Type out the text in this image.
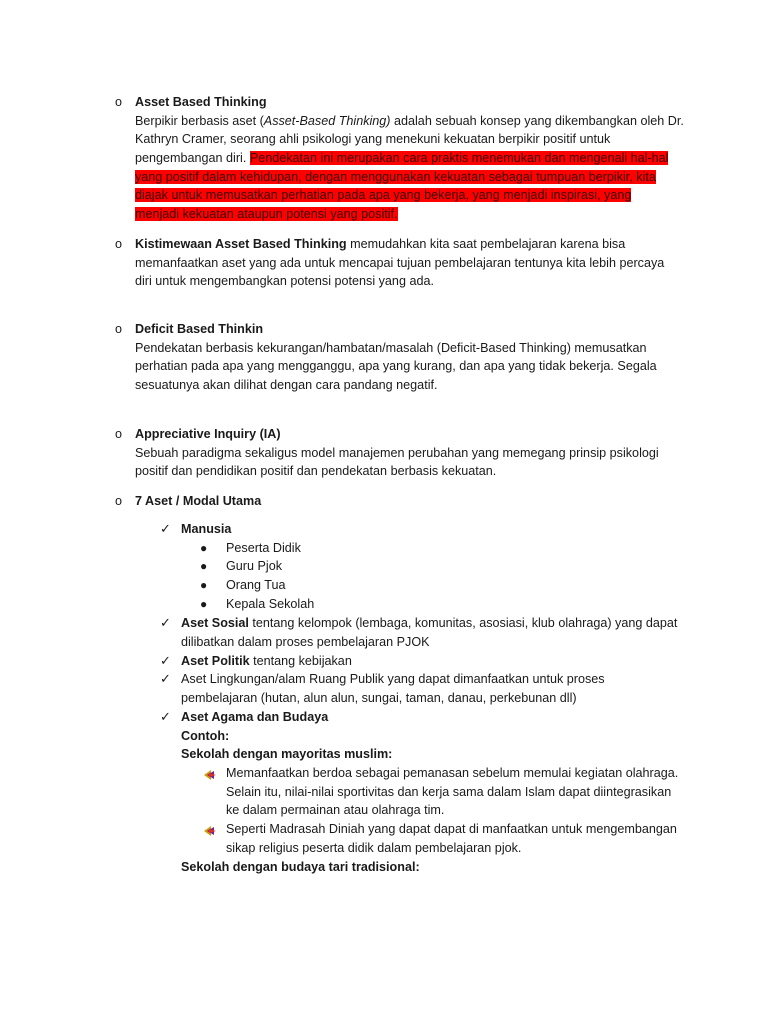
o	Asset Based Thinking
Berpikir berbasis aset (Asset-Based Thinking) adalah sebuah konsep yang dikembangkan oleh Dr.
Kathryn Cramer, seorang ahli psikologi yang menekuni kekuatan berpikir positif untuk
pengembangan diri. Pendekatan ini merupakan cara praktis menemukan dan mengenali hal-hal
yang positif dalam kehidupan, dengan menggunakan kekuatan sebagai tumpuan berpikir, kita
diajak untuk memusatkan perhatian pada apa yang bekerja, yang menjadi inspirasi, yang
menjadi kekuatan ataupun potensi yang positif.
o	Kistimewaan Asset Based Thinking memudahkan kita saat pembelajaran karena bisa
memanfaatkan aset yang ada untuk mencapai tujuan pembelajaran tentunya kita lebih percaya
diri untuk mengembangkan potensi potensi yang ada.
o	Deficit Based Thinkin
Pendekatan berbasis kekurangan/hambatan/masalah (Deficit-Based Thinking) memusatkan
perhatian pada apa yang mengganggu, apa yang kurang, dan apa yang tidak bekerja. Segala
sesuatunya akan dilihat dengan cara pandang negatif.
o	Appreciative Inquiry (IA)
Sebuah paradigma sekaligus model manajemen perubahan yang memegang prinsip psikologi
positif dan pendidikan positif dan pendekatan berbasis kekuatan.
o	7 Aset / Modal Utama
✓ Manusia
●	Peserta Didik
●	Guru Pjok
●	Orang Tua
●	Kepala Sekolah
✓ Aset Sosial tentang kelompok (lembaga, komunitas, asosiasi, klub olahraga) yang dapat
dilibatkan dalam proses pembelajaran PJOK
✓ Aset Politik tentang kebijakan
✓ Aset Lingkungan/alam Ruang Publik yang dapat dimanfaatkan untuk proses
pembelajaran (hutan, alun alun, sungai, taman, danau, perkebunan dll)
✓ Aset Agama dan Budaya
Contoh:
Sekolah dengan mayoritas muslim:
Memanfaatkan berdoa sebagai pemanasan sebelum memulai kegiatan olahraga.
Selain itu, nilai-nilai sportivitas dan kerja sama dalam Islam dapat diintegrasikan
ke dalam permainan atau olahraga tim.
Seperti Madrasah Diniah yang dapat dapat di manfaatkan untuk mengembangan
sikap religius peserta didik dalam pembelajaran pjok.
Sekolah dengan budaya tari tradisional:
